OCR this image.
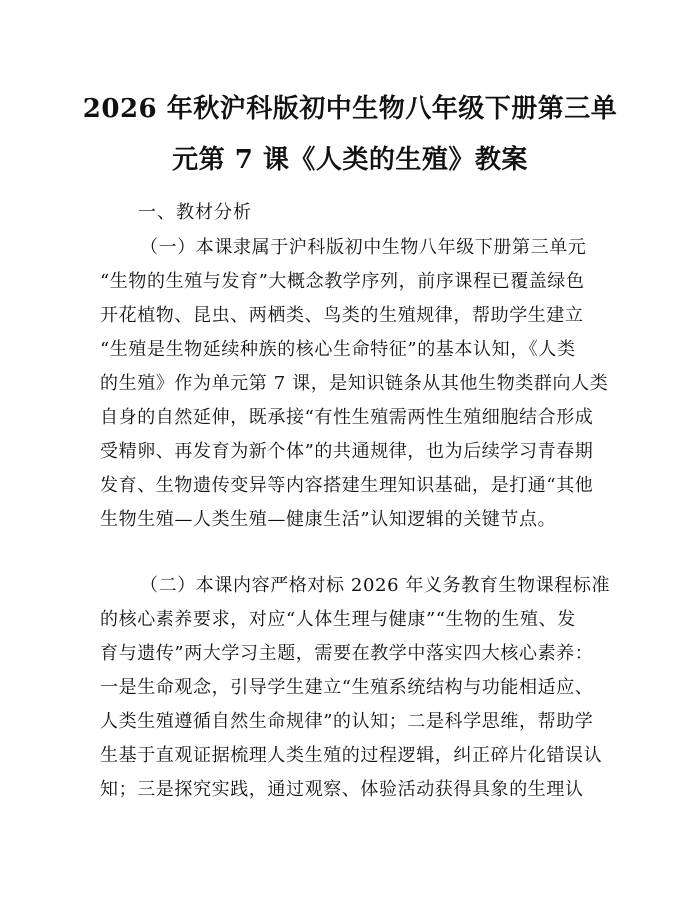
2026 年秋沪科版初中生物八年级下册第三单
元第 7 课《人类的生殖》教案
一、教材分析
（一）本课隶属于沪科版初中生物八年级下册第三单元
“生物的生殖与发育”大概念教学序列，前序课程已覆盖绿色
开花植物、昆虫、两栖类、鸟类的生殖规律，帮助学生建立
“生殖是生物延续种族的核心生命特征”的基本认知，《人类
的生殖》作为单元第 7 课，是知识链条从其他生物类群向人类
自身的自然延伸，既承接“有性生殖需两性生殖细胞结合形成
受精卵、再发育为新个体”的共通规律，也为后续学习青春期
发育、生物遗传变异等内容搭建生理知识基础，是打通“其他
生物生殖—人类生殖—健康生活”认知逻辑的关键节点。
（二）本课内容严格对标 2026 年义务教育生物课程标准
的核心素养要求，对应“人体生理与健康”“生物的生殖、发
育与遗传”两大学习主题，需要在教学中落实四大核心素养：
一是生命观念，引导学生建立“生殖系统结构与功能相适应、
人类生殖遵循自然生命规律”的认知；二是科学思维，帮助学
生基于直观证据梳理人类生殖的过程逻辑，纠正碎片化错误认
知；三是探究实践，通过观察、体验活动获得具象的生理认
